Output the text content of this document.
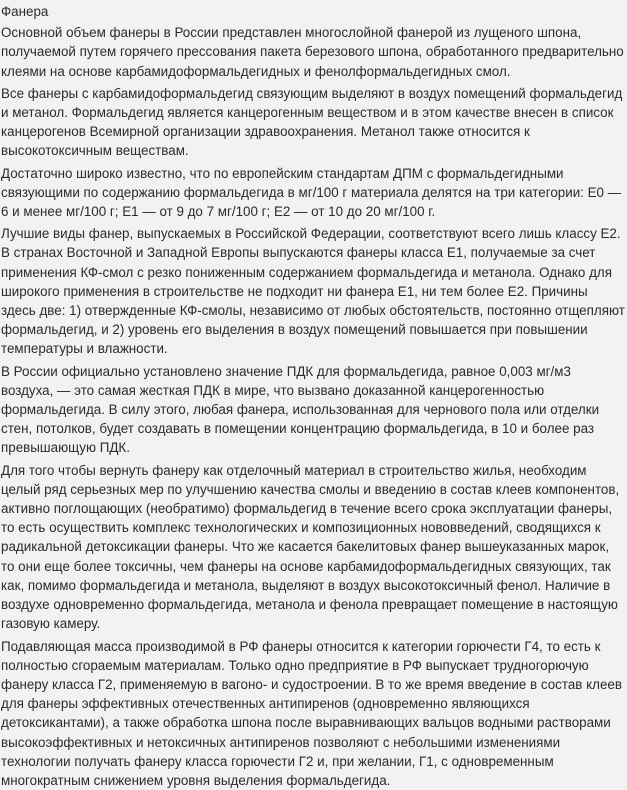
Фанера

Основной объем фанеры в России представлен многослойной фанерой из лущеного шпона, получаемой путем горячего прессования пакета березового шпона, обработанного предварительно клеями на основе карбамидоформальдегидных и фенолформальдегидных смол.

Все фанеры с карбамидоформальдегид связующим выделяют в воздух помещений формальдегид и метанол. Формальдегид является канцерогенным веществом и в этом качестве внесен в список канцерогенов Всемирной организации здравоохранения. Метанол также относится к высокотоксичным веществам.

Достаточно широко известно, что по европейским стандартам ДПМ с формальдегидными связующими по содержанию формальдегида в мг/100 г материала делятся на три категории: Е0 — 6 и менее мг/100 г; Е1 — от 9 до 7 мг/100 г; Е2 — от 10 до 20 мг/100 г.

Лучшие виды фанер, выпускаемых в Российской Федерации, соответствуют всего лишь классу Е2. В странах Восточной и Западной Европы выпускаются фанеры класса Е1, получаемые за счет применения КФ-смол с резко пониженным содержанием формальдегида и метанола. Однако для широкого применения в строительстве не подходит ни фанера Е1, ни тем более Е2. Причины здесь две: 1) отвержденные КФ-смолы, независимо от любых обстоятельств, постоянно отщепляют формальдегид, и 2) уровень его выделения в воздух помещений повышается при повышении температуры и влажности.

В России официально установлено значение ПДК для формальдегида, равное 0,003 мг/м3 воздуха, — это самая жесткая ПДК в мире, что вызвано доказанной канцерогенностью формальдегида. В силу этого, любая фанера, использованная для чернового пола или отделки стен, потолков, будет создавать в помещении концентрацию формальдегида, в 10 и более раз превышающую ПДК.

Для того чтобы вернуть фанеру как отделочный материал в строительство жилья, необходим целый ряд серьезных мер по улучшению качества смолы и введению в состав клеев компонентов, активно поглощающих (необратимо) формальдегид в течение всего срока эксплуатации фанеры, то есть осуществить комплекс технологических и композиционных нововведений, сводящихся к радикальной детоксикации фанеры. Что же касается бакелитовых фанер вышеуказанных марок, то они еще более токсичны, чем фанеры на основе карбамидоформальдегидных связующих, так как, помимо формальдегида и метанола, выделяют в воздух высокотоксичный фенол. Наличие в воздухе одновременно формальдегида, метанола и фенола превращает помещение в настоящую газовую камеру.

Подавляющая масса производимой в РФ фанеры относится к категории горючести Г4, то есть к полностью сгораемым материалам. Только одно предприятие в РФ выпускает трудногорючую фанеру класса Г2, применяемую в вагоно- и судостроении. В то же время введение в состав клеев для фанеры эффективных отечественных антипиренов (одновременно являющихся детоксикантами), а также обработка шпона после выравнивающих вальцов водными растворами высокоэффективных и нетоксичных антипиренов позволяют с небольшими изменениями технологии получать фанеру класса горючести Г2 и, при желании, Г1, с одновременным многократным снижением уровня выделения формальдегида.
